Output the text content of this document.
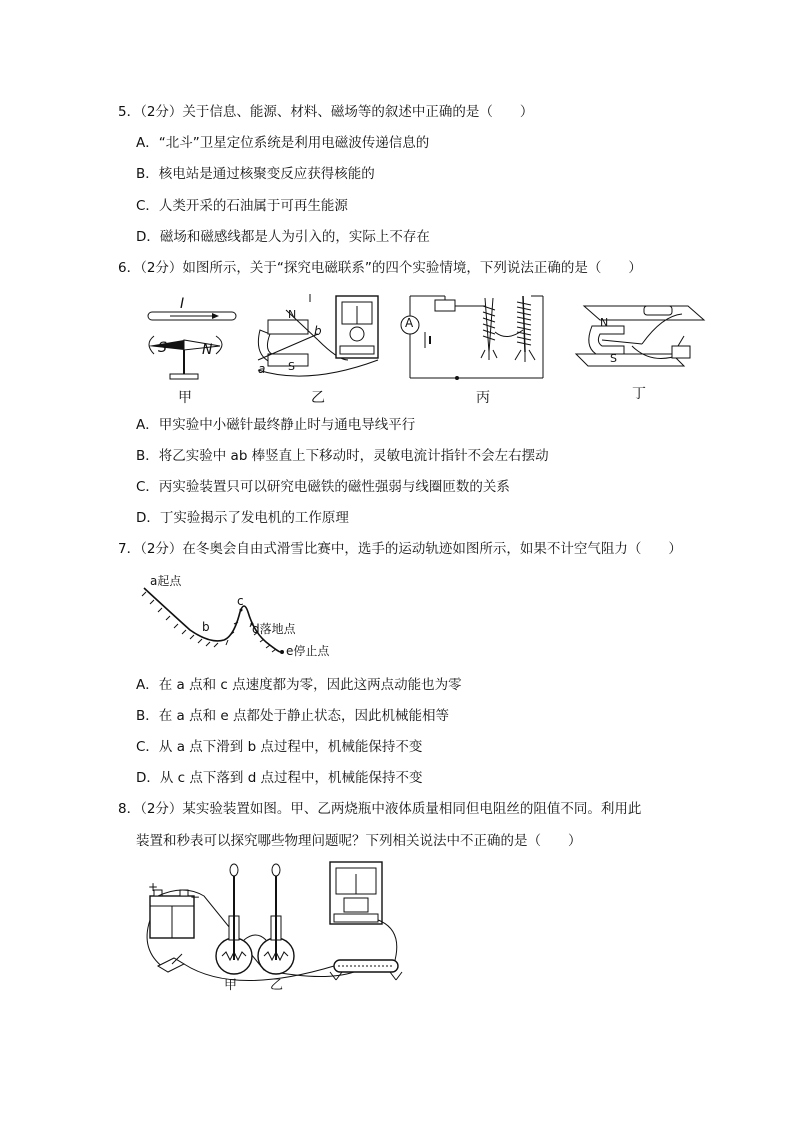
5．（2分）关于信息、能源、材料、磁场等的叙述中正确的是（　　）
A．“北斗”卫星定位系统是利用电磁波传递信息的
B．核电站是通过核聚变反应获得核能的
C．人类开采的石油属于可再生能源
D．磁场和磁感线都是人为引入的，实际上不存在
6．（2分）如图所示，关于“探究电磁联系”的四个实验情境，下列说法正确的是（　　）
I
S	N
甲
N
b
a S
乙
A
丙
N
S
丁
A．甲实验中小磁针最终静止时与通电导线平行
B．将乙实验中 ab 棒竖直上下移动时，灵敏电流计指针不会左右摆动
C．丙实验装置只可以研究电磁铁的磁性强弱与线圈匝数的关系
D．丁实验揭示了发电机的工作原理
7．（2分）在冬奥会自由式滑雪比赛中，选手的运动轨迹如图所示，如果不计空气阻力（　　）
a起点
b
c
d落地点
e停止点
A．在 a 点和 c 点速度都为零，因此这两点动能也为零
B．在 a 点和 e 点都处于静止状态，因此机械能相等
C．从 a 点下滑到 b 点过程中，机械能保持不变
D．从 c 点下落到 d 点过程中，机械能保持不变
8．（2分）某实验装置如图。甲、乙两烧瓶中液体质量相同但电阻丝的阻值不同。利用此
装置和秒表可以探究哪些物理问题呢？下列相关说法中不正确的是（　　）
+
−
甲	乙
